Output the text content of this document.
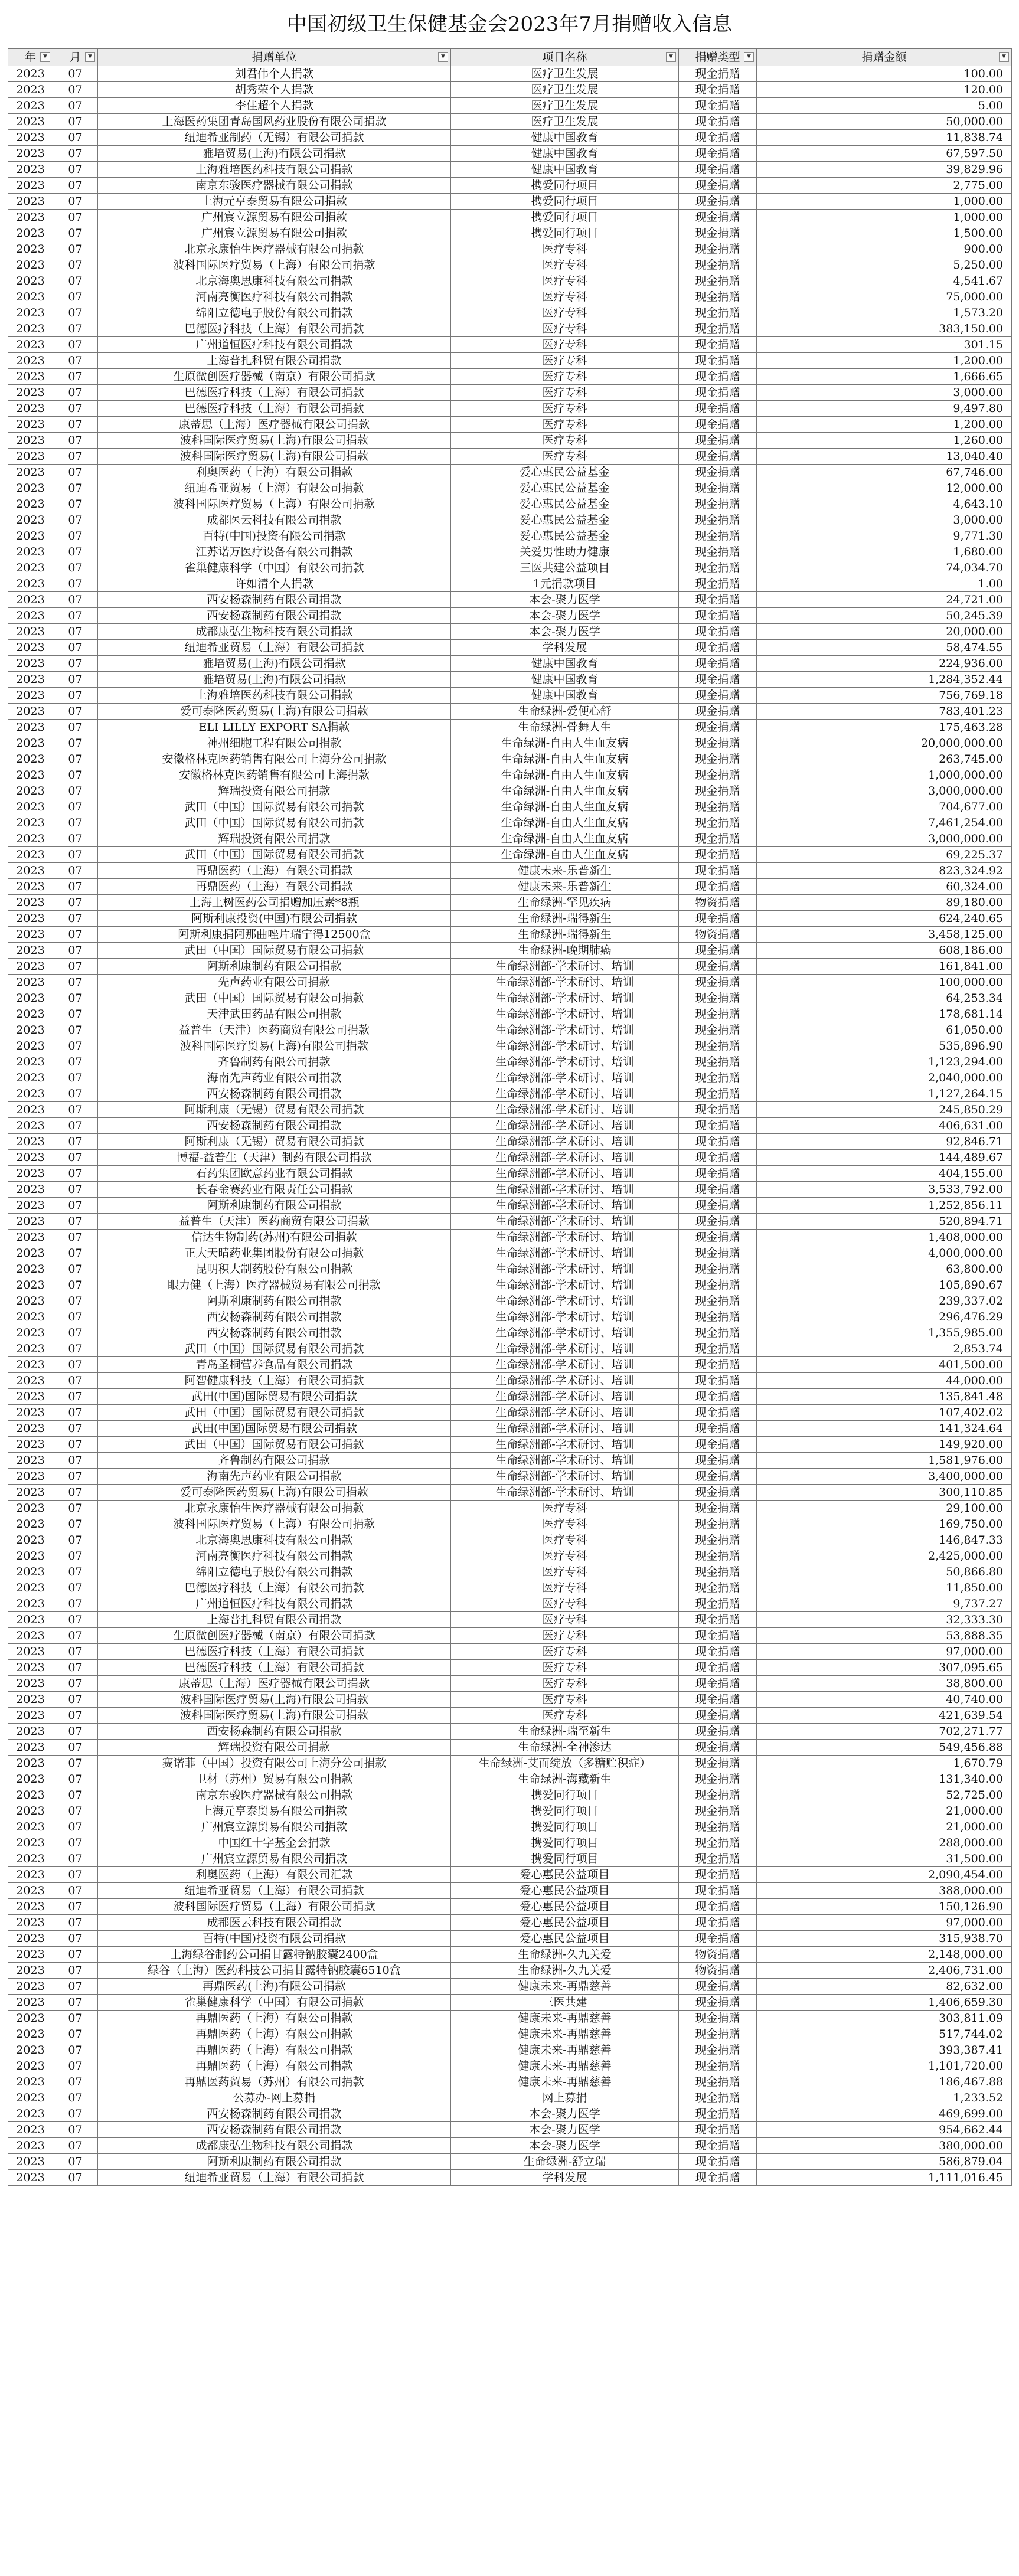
中国初级卫生保健基金会2023年7月捐赠收入信息
年 ▼	月 ▼	捐赠单位 ▼	项目名称 ▼	捐赠类型 ▼	捐赠金额 ▼

2023	07	刘君伟个人捐款	医疗卫生发展	现金捐赠	100.00
2023	07	胡秀荣个人捐款	医疗卫生发展	现金捐赠	120.00
2023	07	李佳超个人捐款	医疗卫生发展	现金捐赠	5.00
2023	07	上海医药集团青岛国风药业股份有限公司捐款	医疗卫生发展	现金捐赠	50,000.00
2023	07	纽迪希亚制药（无锡）有限公司捐款	健康中国教育	现金捐赠	11,838.74
2023	07	雅培贸易(上海)有限公司捐款	健康中国教育	现金捐赠	67,597.50
2023	07	上海雅培医药科技有限公司捐款	健康中国教育	现金捐赠	39,829.96
2023	07	南京东骏医疗器械有限公司捐款	携爱同行项目	现金捐赠	2,775.00
2023	07	上海元亨泰贸易有限公司捐款	携爱同行项目	现金捐赠	1,000.00
2023	07	广州宸立源贸易有限公司捐款	携爱同行项目	现金捐赠	1,000.00
2023	07	广州宸立源贸易有限公司捐款	携爱同行项目	现金捐赠	1,500.00
2023	07	北京永康怡生医疗器械有限公司捐款	医疗专科	现金捐赠	900.00
2023	07	波科国际医疗贸易（上海）有限公司捐款	医疗专科	现金捐赠	5,250.00
2023	07	北京海奥思康科技有限公司捐款	医疗专科	现金捐赠	4,541.67
2023	07	河南亮衡医疗科技有限公司捐款	医疗专科	现金捐赠	75,000.00
2023	07	绵阳立德电子股份有限公司捐款	医疗专科	现金捐赠	1,573.20
2023	07	巴德医疗科技（上海）有限公司捐款	医疗专科	现金捐赠	383,150.00
2023	07	广州道恒医疗科技有限公司捐款	医疗专科	现金捐赠	301.15
2023	07	上海普扎科贸有限公司捐款	医疗专科	现金捐赠	1,200.00
2023	07	生原微创医疗器械（南京）有限公司捐款	医疗专科	现金捐赠	1,666.65
2023	07	巴德医疗科技（上海）有限公司捐款	医疗专科	现金捐赠	3,000.00
2023	07	巴德医疗科技（上海）有限公司捐款	医疗专科	现金捐赠	9,497.80
2023	07	康蒂思（上海）医疗器械有限公司捐款	医疗专科	现金捐赠	1,200.00
2023	07	波科国际医疗贸易(上海)有限公司捐款	医疗专科	现金捐赠	1,260.00
2023	07	波科国际医疗贸易(上海)有限公司捐款	医疗专科	现金捐赠	13,040.40
2023	07	利奥医药（上海）有限公司捐款	爱心惠民公益基金	现金捐赠	67,746.00
2023	07	纽迪希亚贸易（上海）有限公司捐款	爱心惠民公益基金	现金捐赠	12,000.00
2023	07	波科国际医疗贸易（上海）有限公司捐款	爱心惠民公益基金	现金捐赠	4,643.10
2023	07	成都医云科技有限公司捐款	爱心惠民公益基金	现金捐赠	3,000.00
2023	07	百特(中国)投资有限公司捐款	爱心惠民公益基金	现金捐赠	9,771.30
2023	07	江苏诺万医疗设备有限公司捐款	关爱男性助力健康	现金捐赠	1,680.00
2023	07	雀巢健康科学（中国）有限公司捐款	三医共建公益项目	现金捐赠	74,034.70
2023	07	许如清个人捐款	1元捐款项目	现金捐赠	1.00
2023	07	西安杨森制药有限公司捐款	本会-聚力医学	现金捐赠	24,721.00
2023	07	西安杨森制药有限公司捐款	本会-聚力医学	现金捐赠	50,245.39
2023	07	成都康弘生物科技有限公司捐款	本会-聚力医学	现金捐赠	20,000.00
2023	07	纽迪希亚贸易（上海）有限公司捐款	学科发展	现金捐赠	58,474.55
2023	07	雅培贸易(上海)有限公司捐款	健康中国教育	现金捐赠	224,936.00
2023	07	雅培贸易(上海)有限公司捐款	健康中国教育	现金捐赠	1,284,352.44
2023	07	上海雅培医药科技有限公司捐款	健康中国教育	现金捐赠	756,769.18
2023	07	爱可泰隆医药贸易(上海)有限公司捐款	生命绿洲-爱便心舒	现金捐赠	783,401.23
2023	07	ELI LILLY EXPORT SA捐款	生命绿洲-骨舞人生	现金捐赠	175,463.28
2023	07	神州细胞工程有限公司捐款	生命绿洲-自由人生血友病	现金捐赠	20,000,000.00
2023	07	安徽格林克医药销售有限公司上海分公司捐款	生命绿洲-自由人生血友病	现金捐赠	263,745.00
2023	07	安徽格林克医药销售有限公司上海捐款	生命绿洲-自由人生血友病	现金捐赠	1,000,000.00
2023	07	辉瑞投资有限公司捐款	生命绿洲-自由人生血友病	现金捐赠	3,000,000.00
2023	07	武田（中国）国际贸易有限公司捐款	生命绿洲-自由人生血友病	现金捐赠	704,677.00
2023	07	武田（中国）国际贸易有限公司捐款	生命绿洲-自由人生血友病	现金捐赠	7,461,254.00
2023	07	辉瑞投资有限公司捐款	生命绿洲-自由人生血友病	现金捐赠	3,000,000.00
2023	07	武田（中国）国际贸易有限公司捐款	生命绿洲-自由人生血友病	现金捐赠	69,225.37
2023	07	再鼎医药（上海）有限公司捐款	健康未来-乐普新生	现金捐赠	823,324.92
2023	07	再鼎医药（上海）有限公司捐款	健康未来-乐普新生	现金捐赠	60,324.00
2023	07	上海上树医药公司捐赠加压素*8瓶	生命绿洲-罕见疾病	物资捐赠	89,180.00
2023	07	阿斯利康投资(中国)有限公司捐款	生命绿洲-瑞得新生	现金捐赠	624,240.65
2023	07	阿斯利康捐阿那曲唑片瑞宁得12500盒	生命绿洲-瑞得新生	物资捐赠	3,458,125.00
2023	07	武田（中国）国际贸易有限公司捐款	生命绿洲-晚期肺癌	现金捐赠	608,186.00
2023	07	阿斯利康制药有限公司捐款	生命绿洲部-学术研讨、培训	现金捐赠	161,841.00
2023	07	先声药业有限公司捐款	生命绿洲部-学术研讨、培训	现金捐赠	100,000.00
2023	07	武田（中国）国际贸易有限公司捐款	生命绿洲部-学术研讨、培训	现金捐赠	64,253.34
2023	07	天津武田药品有限公司捐款	生命绿洲部-学术研讨、培训	现金捐赠	178,681.14
2023	07	益普生（天津）医药商贸有限公司捐款	生命绿洲部-学术研讨、培训	现金捐赠	61,050.00
2023	07	波科国际医疗贸易(上海)有限公司捐款	生命绿洲部-学术研讨、培训	现金捐赠	535,896.90
2023	07	齐鲁制药有限公司捐款	生命绿洲部-学术研讨、培训	现金捐赠	1,123,294.00
2023	07	海南先声药业有限公司捐款	生命绿洲部-学术研讨、培训	现金捐赠	2,040,000.00
2023	07	西安杨森制药有限公司捐款	生命绿洲部-学术研讨、培训	现金捐赠	1,127,264.15
2023	07	阿斯利康（无锡）贸易有限公司捐款	生命绿洲部-学术研讨、培训	现金捐赠	245,850.29
2023	07	西安杨森制药有限公司捐款	生命绿洲部-学术研讨、培训	现金捐赠	406,631.00
2023	07	阿斯利康（无锡）贸易有限公司捐款	生命绿洲部-学术研讨、培训	现金捐赠	92,846.71
2023	07	博福-益普生（天津）制药有限公司捐款	生命绿洲部-学术研讨、培训	现金捐赠	144,489.67
2023	07	石药集团欧意药业有限公司捐款	生命绿洲部-学术研讨、培训	现金捐赠	404,155.00
2023	07	长春金赛药业有限责任公司捐款	生命绿洲部-学术研讨、培训	现金捐赠	3,533,792.00
2023	07	阿斯利康制药有限公司捐款	生命绿洲部-学术研讨、培训	现金捐赠	1,252,856.11
2023	07	益普生（天津）医药商贸有限公司捐款	生命绿洲部-学术研讨、培训	现金捐赠	520,894.71
2023	07	信达生物制药(苏州)有限公司捐款	生命绿洲部-学术研讨、培训	现金捐赠	1,408,000.00
2023	07	正大天晴药业集团股份有限公司捐款	生命绿洲部-学术研讨、培训	现金捐赠	4,000,000.00
2023	07	昆明积大制药股份有限公司捐款	生命绿洲部-学术研讨、培训	现金捐赠	63,800.00
2023	07	眼力健（上海）医疗器械贸易有限公司捐款	生命绿洲部-学术研讨、培训	现金捐赠	105,890.67
2023	07	阿斯利康制药有限公司捐款	生命绿洲部-学术研讨、培训	现金捐赠	239,337.02
2023	07	西安杨森制药有限公司捐款	生命绿洲部-学术研讨、培训	现金捐赠	296,476.29
2023	07	西安杨森制药有限公司捐款	生命绿洲部-学术研讨、培训	现金捐赠	1,355,985.00
2023	07	武田（中国）国际贸易有限公司捐款	生命绿洲部-学术研讨、培训	现金捐赠	2,853.74
2023	07	青岛圣桐营养食品有限公司捐款	生命绿洲部-学术研讨、培训	现金捐赠	401,500.00
2023	07	阿智健康科技（上海）有限公司捐款	生命绿洲部-学术研讨、培训	现金捐赠	44,000.00
2023	07	武田(中国)国际贸易有限公司捐款	生命绿洲部-学术研讨、培训	现金捐赠	135,841.48
2023	07	武田（中国）国际贸易有限公司捐款	生命绿洲部-学术研讨、培训	现金捐赠	107,402.02
2023	07	武田(中国)国际贸易有限公司捐款	生命绿洲部-学术研讨、培训	现金捐赠	141,324.64
2023	07	武田（中国）国际贸易有限公司捐款	生命绿洲部-学术研讨、培训	现金捐赠	149,920.00
2023	07	齐鲁制药有限公司捐款	生命绿洲部-学术研讨、培训	现金捐赠	1,581,976.00
2023	07	海南先声药业有限公司捐款	生命绿洲部-学术研讨、培训	现金捐赠	3,400,000.00
2023	07	爱可泰隆医药贸易(上海)有限公司捐款	生命绿洲部-学术研讨、培训	现金捐赠	300,110.85
2023	07	北京永康怡生医疗器械有限公司捐款	医疗专科	现金捐赠	29,100.00
2023	07	波科国际医疗贸易（上海）有限公司捐款	医疗专科	现金捐赠	169,750.00
2023	07	北京海奥思康科技有限公司捐款	医疗专科	现金捐赠	146,847.33
2023	07	河南亮衡医疗科技有限公司捐款	医疗专科	现金捐赠	2,425,000.00
2023	07	绵阳立德电子股份有限公司捐款	医疗专科	现金捐赠	50,866.80
2023	07	巴德医疗科技（上海）有限公司捐款	医疗专科	现金捐赠	11,850.00
2023	07	广州道恒医疗科技有限公司捐款	医疗专科	现金捐赠	9,737.27
2023	07	上海普扎科贸有限公司捐款	医疗专科	现金捐赠	32,333.30
2023	07	生原微创医疗器械（南京）有限公司捐款	医疗专科	现金捐赠	53,888.35
2023	07	巴德医疗科技（上海）有限公司捐款	医疗专科	现金捐赠	97,000.00
2023	07	巴德医疗科技（上海）有限公司捐款	医疗专科	现金捐赠	307,095.65
2023	07	康蒂思（上海）医疗器械有限公司捐款	医疗专科	现金捐赠	38,800.00
2023	07	波科国际医疗贸易(上海)有限公司捐款	医疗专科	现金捐赠	40,740.00
2023	07	波科国际医疗贸易(上海)有限公司捐款	医疗专科	现金捐赠	421,639.54
2023	07	西安杨森制药有限公司捐款	生命绿洲-瑞至新生	现金捐赠	702,271.77
2023	07	辉瑞投资有限公司捐款	生命绿洲-全神渗达	现金捐赠	549,456.88
2023	07	赛诺菲（中国）投资有限公司上海分公司捐款	生命绿洲-艾而绽放（多糖贮积症）	现金捐赠	1,670.79
2023	07	卫材（苏州）贸易有限公司捐款	生命绿洲-海藏新生	现金捐赠	131,340.00
2023	07	南京东骏医疗器械有限公司捐款	携爱同行项目	现金捐赠	52,725.00
2023	07	上海元亨泰贸易有限公司捐款	携爱同行项目	现金捐赠	21,000.00
2023	07	广州宸立源贸易有限公司捐款	携爱同行项目	现金捐赠	21,000.00
2023	07	中国红十字基金会捐款	携爱同行项目	现金捐赠	288,000.00
2023	07	广州宸立源贸易有限公司捐款	携爱同行项目	现金捐赠	31,500.00
2023	07	利奥医药（上海）有限公司汇款	爱心惠民公益项目	现金捐赠	2,090,454.00
2023	07	纽迪希亚贸易（上海）有限公司捐款	爱心惠民公益项目	现金捐赠	388,000.00
2023	07	波科国际医疗贸易（上海）有限公司捐款	爱心惠民公益项目	现金捐赠	150,126.90
2023	07	成都医云科技有限公司捐款	爱心惠民公益项目	现金捐赠	97,000.00
2023	07	百特(中国)投资有限公司捐款	爱心惠民公益项目	现金捐赠	315,938.70
2023	07	上海绿谷制药公司捐甘露特钠胶囊2400盒	生命绿洲-久九关爱	物资捐赠	2,148,000.00
2023	07	绿谷（上海）医药科技公司捐甘露特钠胶囊6510盒	生命绿洲-久九关爱	物资捐赠	2,406,731.00
2023	07	再鼎医药(上海)有限公司捐款	健康未来-再鼎慈善	现金捐赠	82,632.00
2023	07	雀巢健康科学（中国）有限公司捐款	三医共建	现金捐赠	1,406,659.30
2023	07	再鼎医药（上海）有限公司捐款	健康未来-再鼎慈善	现金捐赠	303,811.09
2023	07	再鼎医药（上海）有限公司捐款	健康未来-再鼎慈善	现金捐赠	517,744.02
2023	07	再鼎医药（上海）有限公司捐款	健康未来-再鼎慈善	现金捐赠	393,387.41
2023	07	再鼎医药（上海）有限公司捐款	健康未来-再鼎慈善	现金捐赠	1,101,720.00
2023	07	再鼎医药贸易（苏州）有限公司捐款	健康未来-再鼎慈善	现金捐赠	186,467.88
2023	07	公募办-网上募捐	网上募捐	现金捐赠	1,233.52
2023	07	西安杨森制药有限公司捐款	本会-聚力医学	现金捐赠	469,699.00
2023	07	西安杨森制药有限公司捐款	本会-聚力医学	现金捐赠	954,662.44
2023	07	成都康弘生物科技有限公司捐款	本会-聚力医学	现金捐赠	380,000.00
2023	07	阿斯利康制药有限公司捐款	生命绿洲-舒立瑞	现金捐赠	586,879.04
2023	07	纽迪希亚贸易（上海）有限公司捐款	学科发展	现金捐赠	1,111,016.45
